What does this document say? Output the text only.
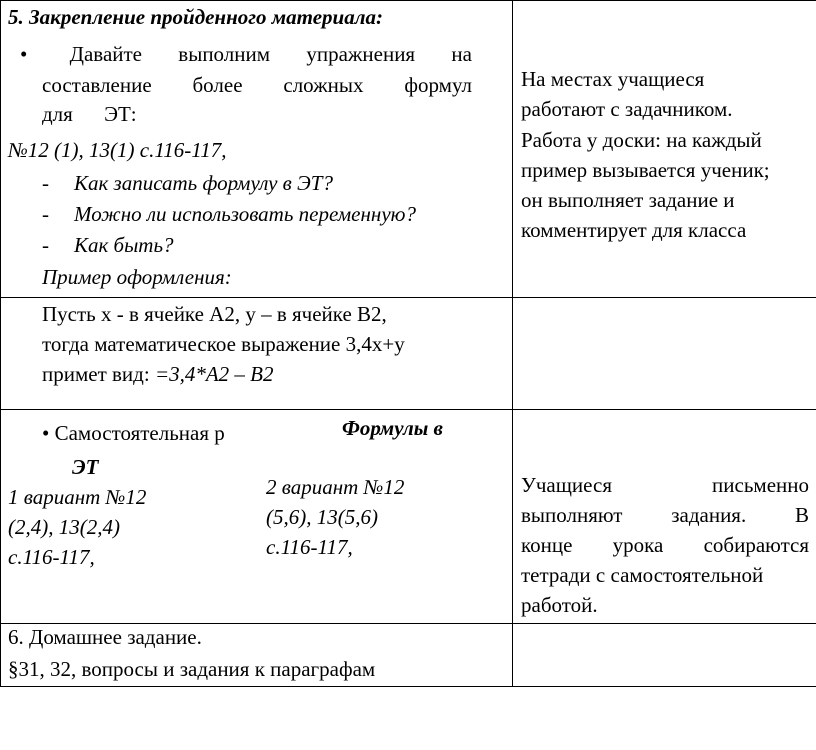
5. Закрепление пройденного материала:
• Давайте выполним упражнения на
составление более сложных формул
для ЭТ:
№12 (1), 13(1) с.116-117,
- Как записать формулу в ЭТ?
- Можно ли использовать переменную?
- Как быть?
Пример оформления:
На местах учащиеся
работают с задачником.
Работа у доски: на каждый
пример вызывается ученик;
он выполняет задание и
комментирует для класса
Пусть х - в ячейке А2, у – в ячейке В2,
тогда математическое выражение 3,4х+у
примет вид: =3,4*А2 – В2
• Самостоятельная р	Формулы в
ЭТ
1 вариант №12
(2,4), 13(2,4)
с.116-117,
2 вариант №12
(5,6), 13(5,6)
с.116-117,
Учащиеся	письменно
выполняют задания. В
конце урока собираются
тетради с самостоятельной
работой.
6. Домашнее задание.
§31, 32, вопросы и задания к параграфам
